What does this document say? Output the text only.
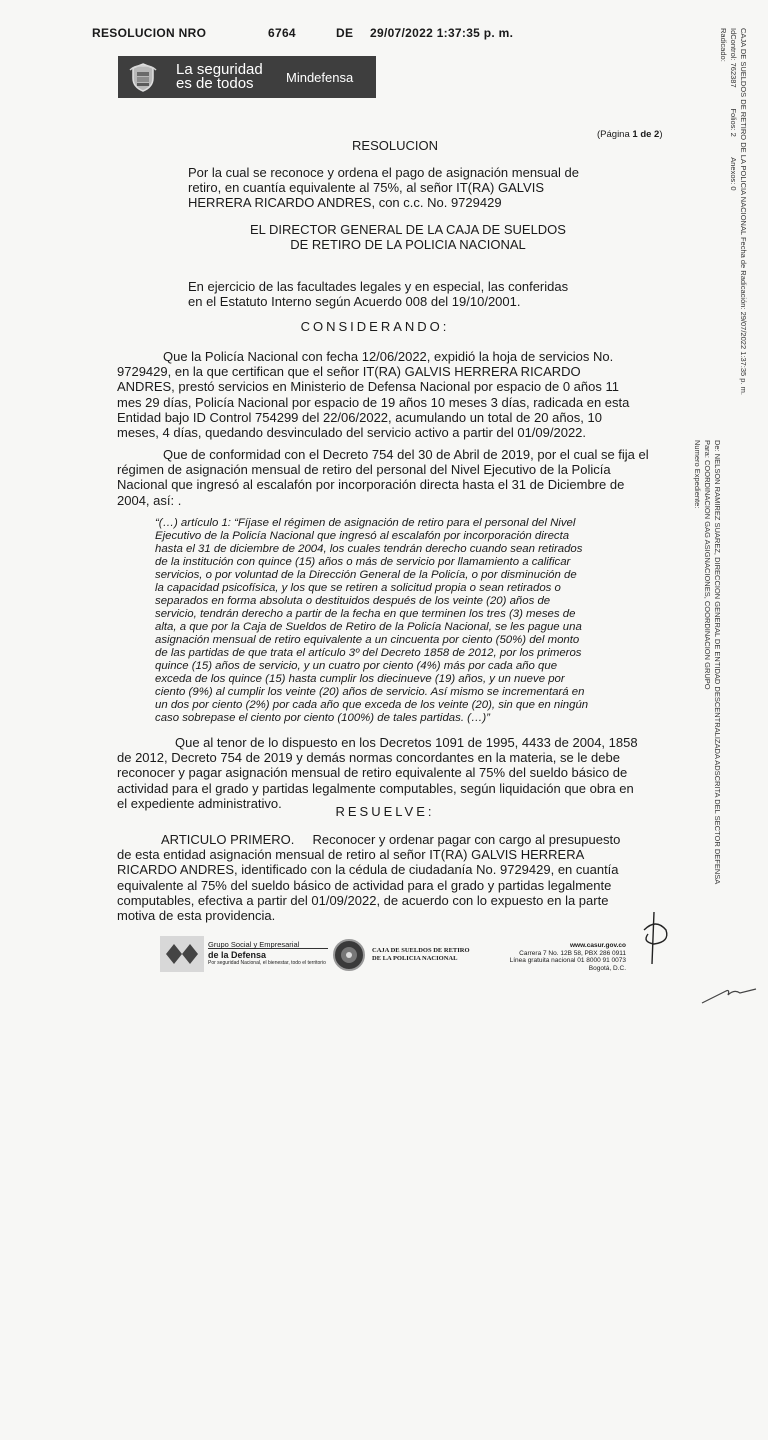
RESOLUCION NRO	6764	DE 29/07/2022 1:37:35 p. m.
La seguridad es de todos	Mindefensa
(Página 1 de 2)
RESOLUCION
Por la cual se reconoce y ordena el pago de asignación mensual de
retiro, en cuantía equivalente al 75%, al señor IT(RA) GALVIS
HERRERA RICARDO ANDRES, con c.c. No. 9729429
EL DIRECTOR GENERAL DE LA CAJA DE SUELDOS
DE RETIRO DE LA POLICIA NACIONAL
En ejercicio de las facultades legales y en especial, las conferidas
en el Estatuto Interno según Acuerdo 008 del 19/10/2001.
CONSIDERANDO:
Que la Policía Nacional con fecha 12/06/2022, expidió la hoja de servicios No.
9729429, en la que certifican que el señor IT(RA) GALVIS HERRERA RICARDO
ANDRES, prestó servicios en Ministerio de Defensa Nacional por espacio de 0 años 11
mes 29 días, Policía Nacional por espacio de 19 años 10 meses 3 días, radicada en esta
Entidad bajo ID Control 754299 del 22/06/2022, acumulando un total de 20 años, 10
meses, 4 días, quedando desvinculado del servicio activo a partir del 01/09/2022.
Que de conformidad con el Decreto 754 del 30 de Abril de 2019, por el cual se fija el
régimen de asignación mensual de retiro del personal del Nivel Ejecutivo de la Policía
Nacional que ingresó al escalafón por incorporación directa hasta el 31 de Diciembre de
2004, así: .
“(…) artículo 1: “Fíjase el régimen de asignación de retiro para el personal del Nivel
Ejecutivo de la Policía Nacional que ingresó al escalafón por incorporación directa
hasta el 31 de diciembre de 2004, los cuales tendrán derecho cuando sean retirados
de la institución con quince (15) años o más de servicio por llamamiento a calificar
servicios, o por voluntad de la Dirección General de la Policía, o por disminución de
la capacidad psicofísica, y los que se retiren a solicitud propia o sean retirados o
separados en forma absoluta o destituidos después de los veinte (20) años de
servicio, tendrán derecho a partir de la fecha en que terminen los tres (3) meses de
alta, a que por la Caja de Sueldos de Retiro de la Policía Nacional, se les pague una
asignación mensual de retiro equivalente a un cincuenta por ciento (50%) del monto
de las partidas de que trata el artículo 3º del Decreto 1858 de 2012, por los primeros
quince (15) años de servicio, y un cuatro por ciento (4%) más por cada año que
exceda de los quince (15) hasta cumplir los diecinueve (19) años, y un nueve por
ciento (9%) al cumplir los veinte (20) años de servicio. Así mismo se incrementará en
un dos por ciento (2%) por cada año que exceda de los veinte (20), sin que en ningún
caso sobrepase el ciento por ciento (100%) de tales partidas. (…)”
Que al tenor de lo dispuesto en los Decretos 1091 de 1995, 4433 de 2004, 1858
de 2012, Decreto 754 de 2019 y demás normas concordantes en la materia, se le debe
reconocer y pagar asignación mensual de retiro equivalente al 75% del sueldo básico de
actividad para el grado y partidas legalmente computables, según liquidación que obra en
el expediente administrativo.
RESUELVE:
ARTICULO PRIMERO.     Reconocer y ordenar pagar con cargo al presupuesto
de esta entidad asignación mensual de retiro al señor IT(RA) GALVIS HERRERA
RICARDO ANDRES, identificado con la cédula de ciudadanía No. 9729429, en cuantía
equivalente al 75% del sueldo básico de actividad para el grado y partidas legalmente
computables, efectiva a partir del 01/09/2022, de acuerdo con lo expuesto en la parte
motiva de esta providencia.
Grupo Social y Empresarial
de la Defensa
Por seguridad Nacional, el bienestar, todo el territorio
CAJA DE SUELDOS DE RETIRO
DE LA POLICIA NACIONAL
www.casur.gov.co
Carrera 7 No. 12B 58, PBX 286 0911
Línea gratuita nacional 01 8000 91 0073
Bogotá, D.C.
CAJA DE SUELDOS DE RETIRO DE LA POLICIA NACIONAL Fecha de Radicación: 29/07/2022 1:37:35 p. m.
IdControl: 762387          Folios: 2          Anexos: 0
Radicado:
De: NELSON RAMIREZ SUAREZ, DIRECCION GENERAL DE ENTIDAD DESCENTRALIZADA ADSCRITA DEL SECTOR DEFENSA
Para: COORDINACION GAG ASIGNACIONES, COORDINACION GRUPO
Numero Expediente:
